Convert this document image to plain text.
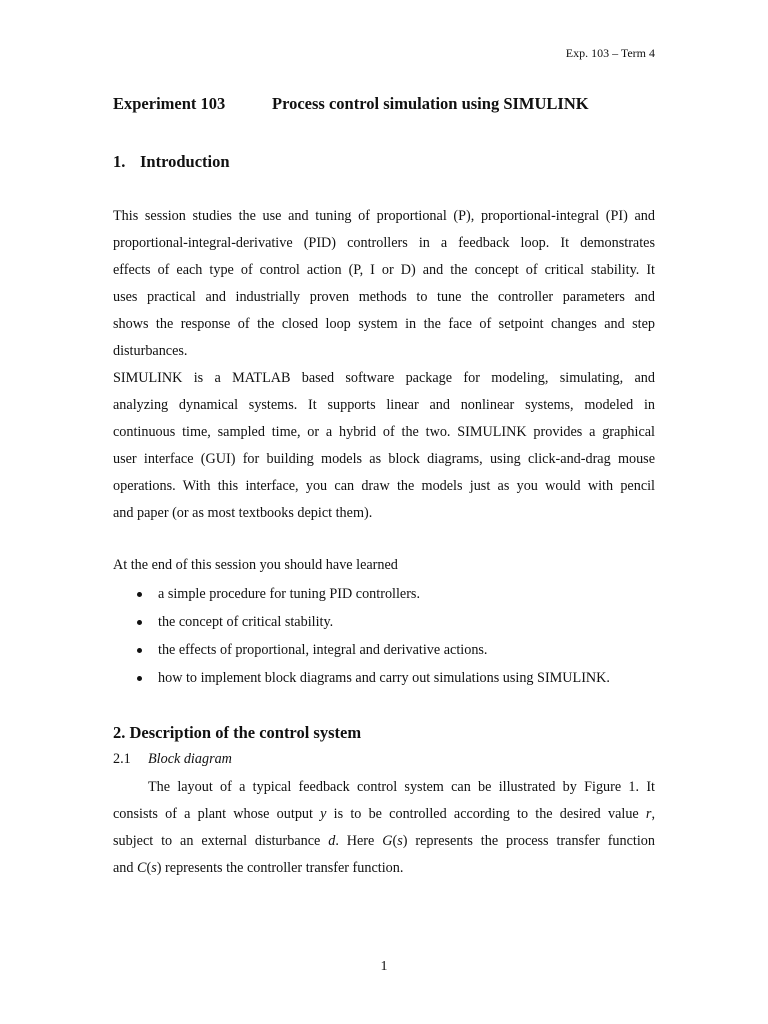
Exp. 103 – Term 4
Experiment 103	Process control simulation using SIMULINK
1. Introduction
This session studies the use and tuning of proportional (P), proportional-integral (PI) and
proportional-integral-derivative (PID) controllers in a feedback loop. It demonstrates
effects of each type of control action (P, I or D) and the concept of critical stability. It
uses practical and industrially proven methods to tune the controller parameters and
shows the response of the closed loop system in the face of setpoint changes and step
disturbances.
SIMULINK is a MATLAB based software package for modeling, simulating, and
analyzing dynamical systems. It supports linear and nonlinear systems, modeled in
continuous time, sampled time, or a hybrid of the two. SIMULINK provides a graphical
user interface (GUI) for building models as block diagrams, using click-and-drag mouse
operations. With this interface, you can draw the models just as you would with pencil
and paper (or as most textbooks depict them).
At the end of this session you should have learned
a simple procedure for tuning PID controllers.
the concept of critical stability.
the effects of proportional, integral and derivative actions.
how to implement block diagrams and carry out simulations using SIMULINK.
2. Description of the control system
2.1 Block diagram
The layout of a typical feedback control system can be illustrated by Figure 1. It
consists of a plant whose output y is to be controlled according to the desired value r,
subject to an external disturbance d. Here G(s) represents the process transfer function
and C(s) represents the controller transfer function.
1
